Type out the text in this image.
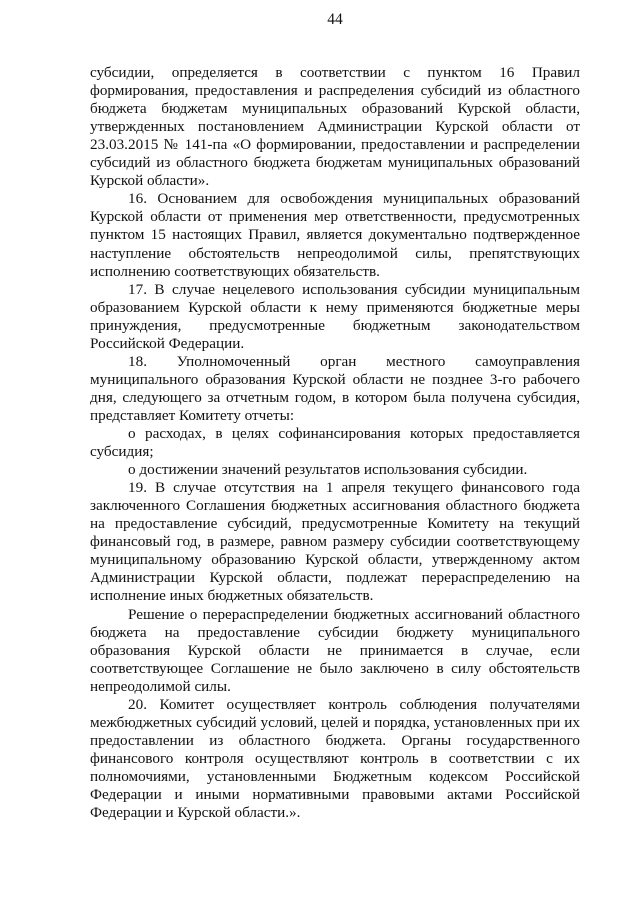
44
субсидии, определяется в соответствии с пунктом 16 Правил
формирования, предоставления и распределения субсидий из областного
бюджета бюджетам муниципальных образований Курской области,
утвержденных постановлением Администрации Курской области от
23.03.2015 № 141-па «О формировании, предоставлении и распределении
субсидий из областного бюджета бюджетам муниципальных образований
Курской области».
16. Основанием для освобождения муниципальных образований
Курской области от применения мер ответственности, предусмотренных
пунктом 15 настоящих Правил, является документально подтвержденное
наступление обстоятельств непреодолимой силы, препятствующих
исполнению соответствующих обязательств.
17. В случае нецелевого использования субсидии муниципальным
образованием Курской области к нему применяются бюджетные меры
принуждения, предусмотренные бюджетным законодательством
Российской Федерации.
18. Уполномоченный орган местного самоуправления
муниципального образования Курской области не позднее 3-го рабочего
дня, следующего за отчетным годом, в котором была получена субсидия,
представляет Комитету отчеты:
о расходах, в целях софинансирования которых предоставляется
субсидия;
о достижении значений результатов использования субсидии.
19. В случае отсутствия на 1 апреля текущего финансового года
заключенного Соглашения бюджетных ассигнования областного бюджета
на предоставление субсидий, предусмотренные Комитету на текущий
финансовый год, в размере, равном размеру субсидии соответствующему
муниципальному образованию Курской области, утвержденному актом
Администрации Курской области, подлежат перераспределению на
исполнение иных бюджетных обязательств.
Решение о перераспределении бюджетных ассигнований областного
бюджета на предоставление субсидии бюджету муниципального
образования Курской области не принимается в случае, если
соответствующее Соглашение не было заключено в силу обстоятельств
непреодолимой силы.
20. Комитет осуществляет контроль соблюдения получателями
межбюджетных субсидий условий, целей и порядка, установленных при их
предоставлении из областного бюджета. Органы государственного
финансового контроля осуществляют контроль в соответствии с их
полномочиями, установленными Бюджетным кодексом Российской
Федерации и иными нормативными правовыми актами Российской
Федерации и Курской области.».
